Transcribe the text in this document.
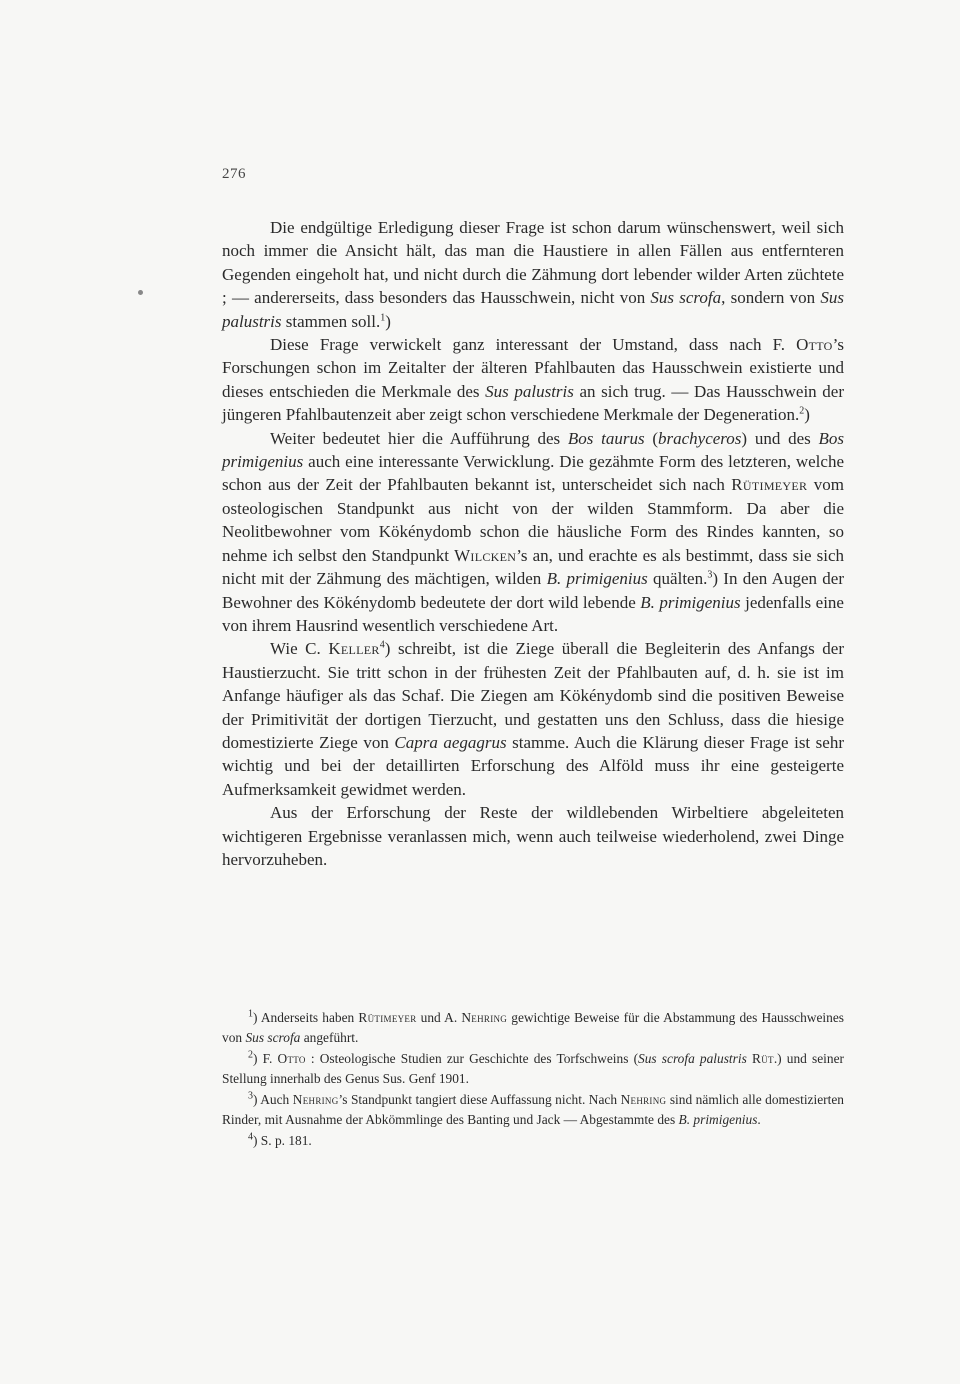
276

Die endgültige Erledigung dieser Frage ist schon darum wünschenswert, weil sich noch immer die Ansicht hält, das man die Haustiere in allen Fällen aus entfernteren Gegenden eingeholt hat, und nicht durch die Zähmung dort lebender wilder Arten züchtete ; — andererseits, dass besonders das Hausschwein, nicht von Sus scrofa, sondern von Sus palustris stammen soll.$^1$)

Diese Frage verwickelt ganz interessant der Umstand, dass nach F. Otto’s Forschungen schon im Zeitalter der älteren Pfahlbauten das Hausschwein existierte und dieses entschieden die Merkmale des Sus palustris an sich trug. — Das Hausschwein der jüngeren Pfahlbautenzeit aber zeigt schon verschiedene Merkmale der Degeneration.$^2$)

Weiter bedeutet hier die Aufführung des Bos taurus (brachyceros) und des Bos primigenius auch eine interessante Verwicklung. Die gezähmte Form des letzteren, welche schon aus der Zeit der Pfahlbauten bekannt ist, unterscheidet sich nach Rütimeyer vom osteologischen Standpunkt aus nicht von der wilden Stammform. Da aber die Neolitbewohner vom Kökénydomb schon die häusliche Form des Rindes kannten, so nehme ich selbst den Standpunkt Wilcken’s an, und erachte es als bestimmt, dass sie sich nicht mit der Zähmung des mächtigen, wilden B. primigenius quälten.$^3$) In den Augen der Bewohner des Kökénydomb bedeutete der dort wild lebende B. primigenius jedenfalls eine von ihrem Hausrind wesentlich verschiedene Art.

Wie C. Keller$^4$) schreibt, ist die Ziege überall die Begleiterin des Anfangs der Haustierzucht. Sie tritt schon in der frühesten Zeit der Pfahlbauten auf, d. h. sie ist im Anfange häufiger als das Schaf. Die Ziegen am Kökénydomb sind die positiven Beweise der Primitivität der dortigen Tierzucht, und gestatten uns den Schluss, dass die hiesige domestizierte Ziege von Capra aegagrus stamme. Auch die Klärung dieser Frage ist sehr wichtig und bei der detaillirten Erforschung des Alföld muss ihr eine gesteigerte Aufmerksamkeit gewidmet werden.

Aus der Erforschung der Reste der wildlebenden Wirbeltiere abgeleiteten wichtigeren Ergebnisse veranlassen mich, wenn auch teilweise wiederholend, zwei Dinge hervorzuheben.

$^1$) Anderseits haben Rütimeyer und A. Nehring gewichtige Beweise für die Abstammung des Hausschweines von Sus scrofa angeführt.

$^2$) F. Otto : Osteologische Studien zur Geschichte des Torfschweins (Sus scrofa palustris Rüt.) und seiner Stellung innerhalb des Genus Sus. Genf 1901.

$^3$) Auch Nehring’s Standpunkt tangiert diese Auffassung nicht. Nach Nehring sind nämlich alle domestizierten Rinder, mit Ausnahme der Abkömmlinge des Banting und Jack — Abgestammte des B. primigenius.

$^4$) S. p. 181.
